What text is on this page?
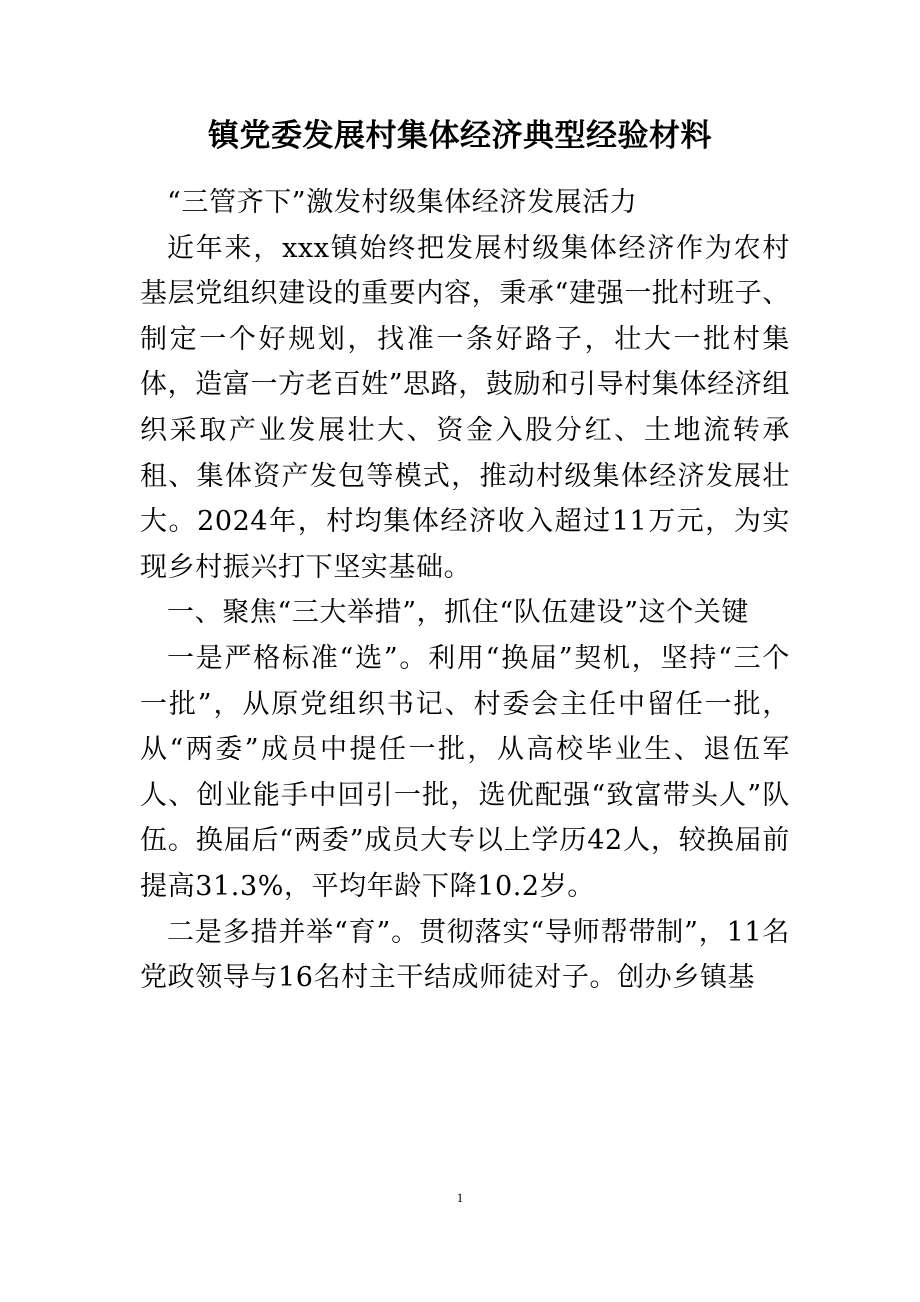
镇党委发展村集体经济典型经验材料

“三管齐下”激发村级集体经济发展活力

近年来，xxx镇始终把发展村级集体经济作为农村基层党组织建设的重要内容，秉承“建强一批村班子、制定一个好规划，找准一条好路子，壮大一批村集体，造富一方老百姓”思路，鼓励和引导村集体经济组织采取产业发展壮大、资金入股分红、土地流转承租、集体资产发包等模式，推动村级集体经济发展壮大。2024年，村均集体经济收入超过11万元，为实现乡村振兴打下坚实基础。

一、聚焦“三大举措”，抓住“队伍建设”这个关键

一是严格标准“选”。利用“换届”契机，坚持“三个一批”，从原党组织书记、村委会主任中留任一批，从“两委”成员中提任一批，从高校毕业生、退伍军人、创业能手中回引一批，选优配强“致富带头人”队伍。换届后“两委”成员大专以上学历42人，较换届前提高31.3%，平均年龄下降10.2岁。

二是多措并举“育”。贯彻落实“导师帮带制”，11名党政领导与16名村主干结成师徒对子。创办乡镇基

1
